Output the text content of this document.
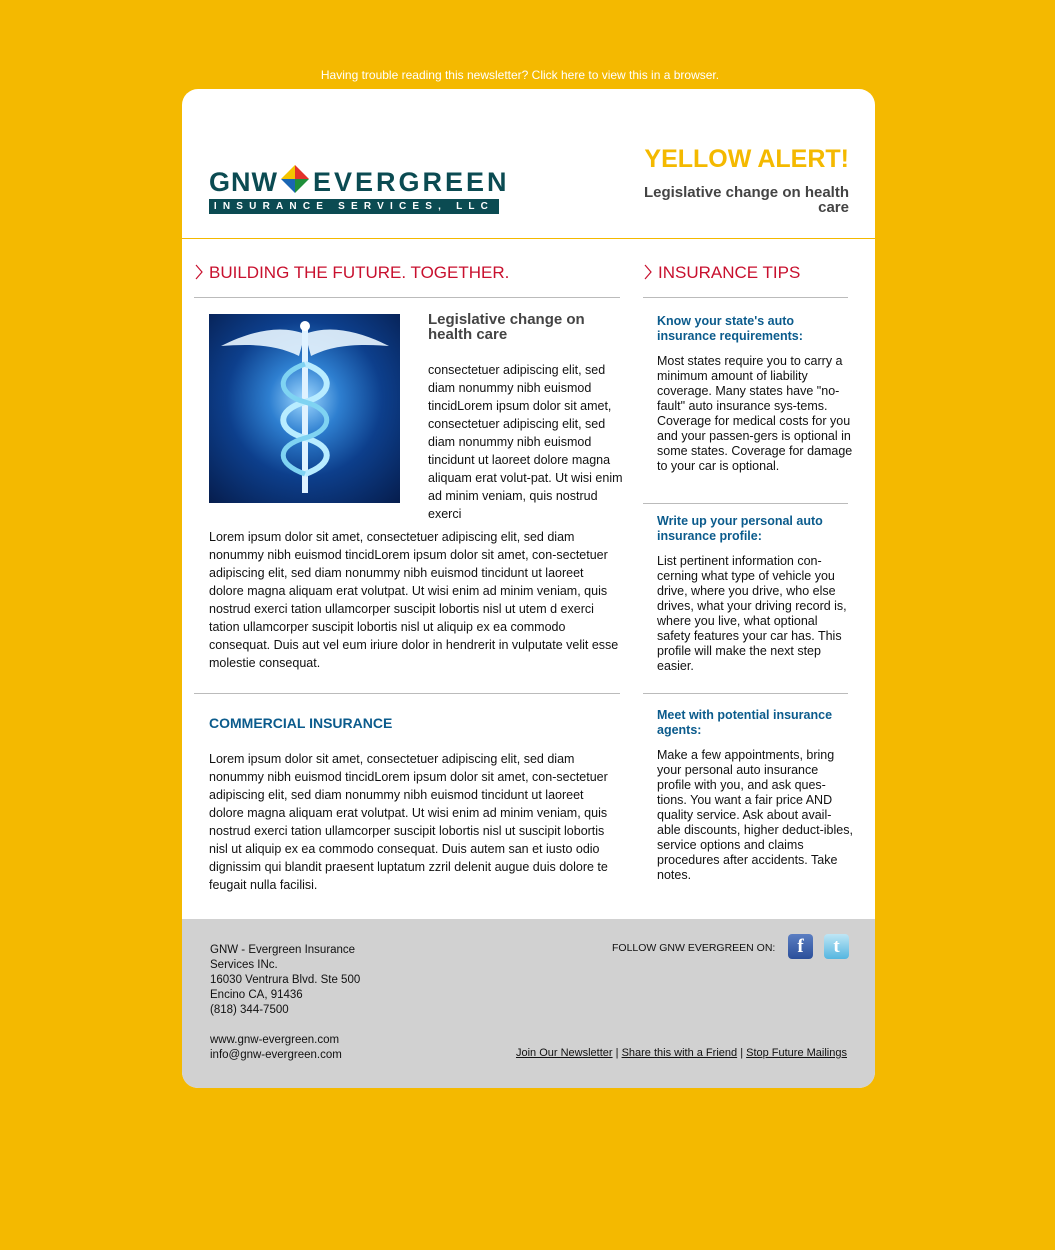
Having trouble reading this newsletter? Click here to view this in a browser.
GNW EVERGREEN
INSURANCE SERVICES, LLC
YELLOW ALERT!
Legislative change on health care
BUILDING THE FUTURE. TOGETHER.
Legislative change on health care
consectetuer adipiscing elit, sed diam nonummy nibh euismod tincidLorem ipsum dolor sit amet, consectetuer adipiscing elit, sed diam nonummy nibh euismod tincidunt ut laoreet dolore magna aliquam erat volut-pat. Ut wisi enim ad minim veniam, quis nostrud exerci
Lorem ipsum dolor sit amet, consectetuer adipiscing elit, sed diam nonummy nibh euismod tincidLorem ipsum dolor sit amet, con-sectetuer adipiscing elit, sed diam nonummy nibh euismod tincidunt ut laoreet dolore magna aliquam erat volutpat. Ut wisi enim ad minim veniam, quis nostrud exerci tation ullamcorper suscipit lobortis nisl ut utem d exerci tation ullamcorper suscipit lobortis nisl ut aliquip ex ea commodo consequat. Duis aut vel eum iriure dolor in hendrerit in vulputate velit esse molestie consequat.
COMMERCIAL INSURANCE
Lorem ipsum dolor sit amet, consectetuer adipiscing elit, sed diam nonummy nibh euismod tincidLorem ipsum dolor sit amet, con-sectetuer adipiscing elit, sed diam nonummy nibh euismod tincidunt ut laoreet dolore magna aliquam erat volutpat. Ut wisi enim ad minim veniam, quis nostrud exerci tation ullamcorper suscipit lobortis nisl ut suscipit lobortis nisl ut aliquip ex ea commodo consequat. Duis autem san et iusto odio dignissim qui blandit praesent luptatum zzril delenit augue duis dolore te feugait nulla facilisi.
INSURANCE TIPS
Know your state's auto insurance requirements:
Most states require you to carry a minimum amount of liability coverage. Many states have "no-fault" auto insurance sys-tems. Coverage for medical costs for you and your passen-gers is optional in some states. Coverage for damage to your car is optional.
Write up your personal auto insurance profile:
List pertinent information con-cerning what type of vehicle you drive, where you drive, who else drives, what your driving record is, where you live, what optional safety features your car has. This profile will make the next step easier.
Meet with potential insurance agents:
Make a few appointments, bring your personal auto insurance profile with you, and ask ques-tions. You want a fair price AND quality service. Ask about avail-able discounts, higher deduct-ibles, service options and claims procedures after accidents. Take notes.
GNW - Evergreen Insurance
Services INc.
16030 Ventrura Blvd. Ste 500
Encino CA, 91436
(818) 344-7500
www.gnw-evergreen.com
info@gnw-evergreen.com
FOLLOW GNW EVERGREEN ON:	f	t
Join Our Newsletter | Share this with a Friend | Stop Future Mailings
